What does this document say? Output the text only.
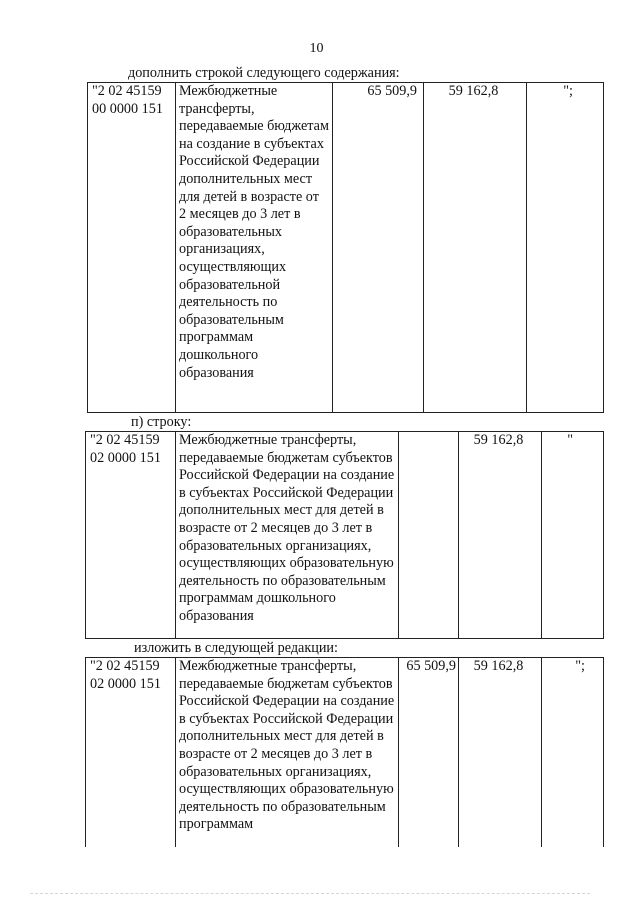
10
дополнить строкой следующего содержания:
"2 02 45159 00 0000 151	Межбюджетные трансферты, передаваемые бюджетам на создание в субъектах Российской Федерации дополнительных мест для детей в возрасте от 2 месяцев до 3 лет в образовательных организациях, осуществляющих образовательной деятельность по образовательным программам дошкольного образования	65 509,9	59 162,8	";
п) строку:
"2 02 45159 02 0000 151	Межбюджетные трансферты, передаваемые бюджетам субъектов Российской Федерации на создание в субъектах Российской Федерации дополнительных мест для детей в возрасте от 2 месяцев до 3 лет в образовательных организациях, осуществляющих образовательную деятельность по образовательным программам дошкольного образования		59 162,8	"
изложить в следующей редакции:
"2 02 45159 02 0000 151	Межбюджетные трансферты, передаваемые бюджетам субъектов Российской Федерации на создание в субъектах Российской Федерации дополнительных мест для детей в возрасте от 2 месяцев до 3 лет в образовательных организациях, осуществляющих образовательную деятельность по образовательным программам	65 509,9	59 162,8	";
